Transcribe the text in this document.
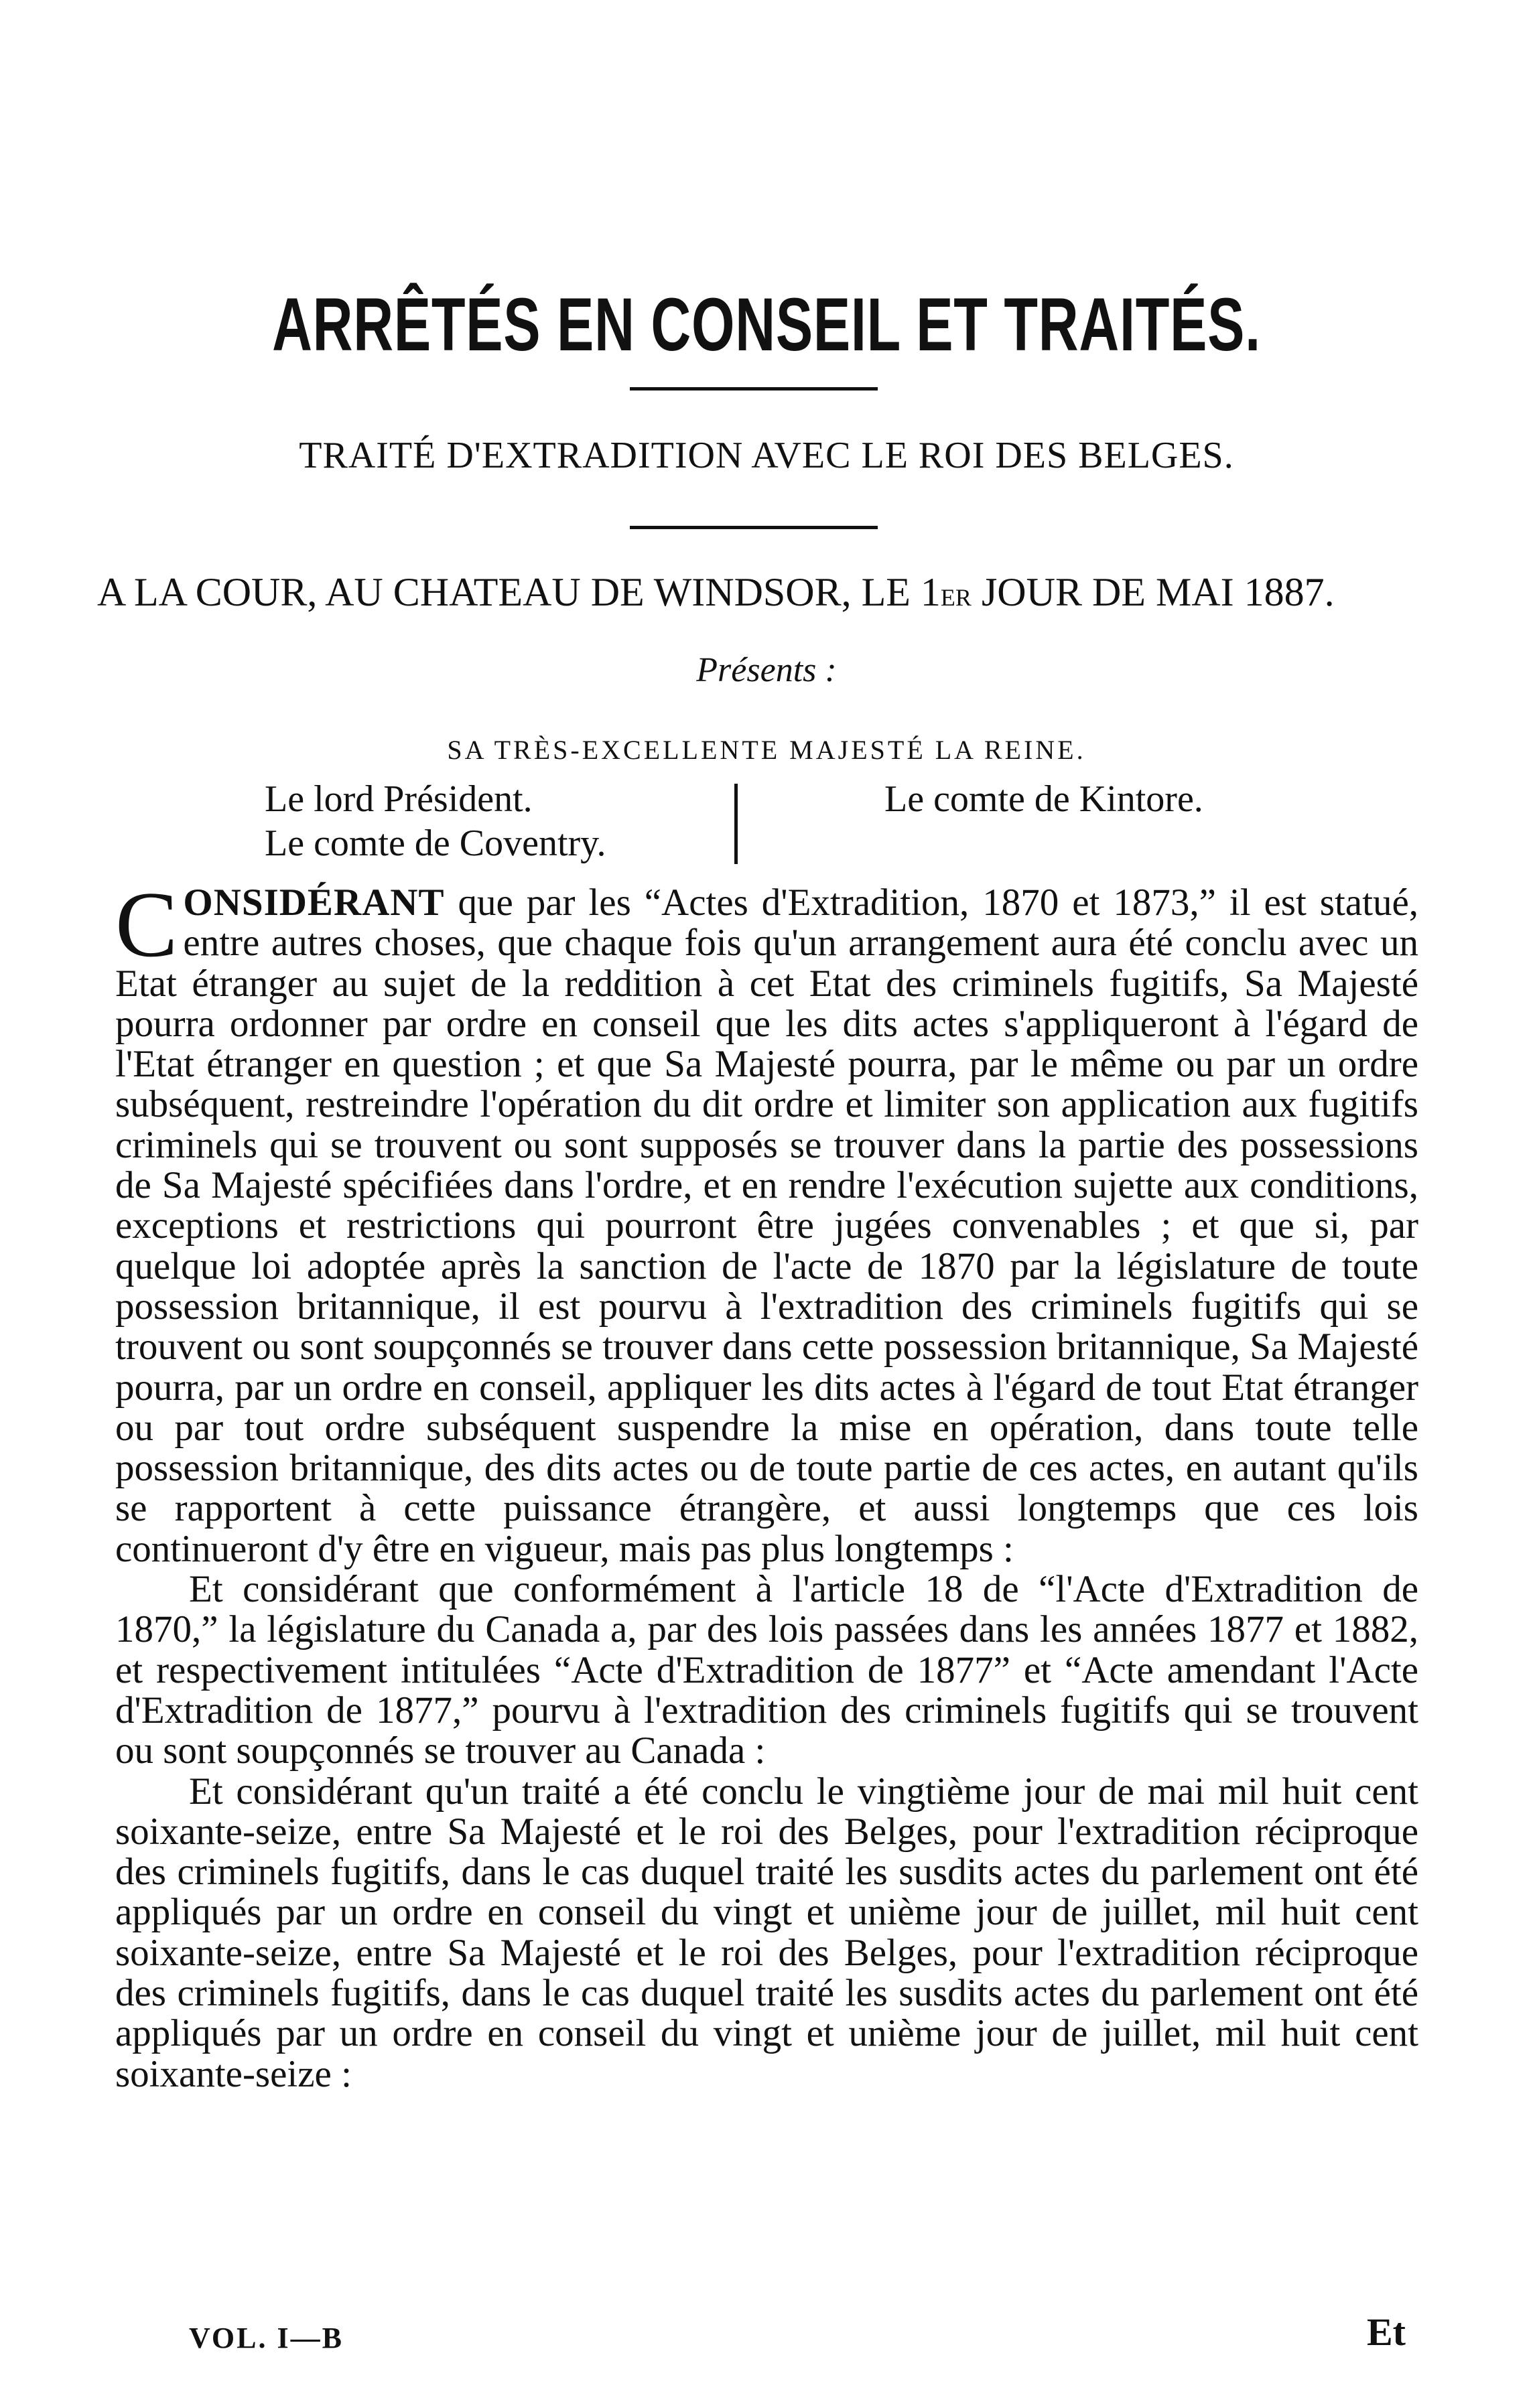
ARRÊTÉS EN CONSEIL ET TRAITÉS.
TRAITÉ D'EXTRADITION AVEC LE ROI DES BELGES.
A LA COUR, AU CHATEAU DE WINDSOR, LE 1ER JOUR DE MAI 1887.
Présents :
SA TRÈS-EXCELLENTE MAJESTÉ LA REINE.
Le lord Président.
Le comte de Coventry.
Le comte de Kintore.

CONSIDÉRANT que par les “Actes d'Extradition, 1870 et 1873,” il est statué, entre autres choses, que chaque fois qu'un arrangement aura été conclu avec un Etat étranger au sujet de la reddition à cet Etat des criminels fugitifs, Sa Majesté pourra ordonner par ordre en conseil que les dits actes s'appliqueront à l'égard de l'Etat étranger en question ; et que Sa Majesté pourra, par le même ou par un ordre subséquent, restreindre l'opération du dit ordre et limiter son application aux fugitifs criminels qui se trouvent ou sont supposés se trouver dans la partie des possessions de Sa Majesté spécifiées dans l'ordre, et en rendre l'exécution sujette aux conditions, exceptions et restrictions qui pourront être jugées convenables ; et que si, par quelque loi adoptée après la sanction de l'acte de 1870 par la législature de toute possession britannique, il est pourvu à l'extradition des criminels fugitifs qui se trouvent ou sont soupçonnés se trouver dans cette possession britannique, Sa Majesté pourra, par un ordre en conseil, appliquer les dits actes à l'égard de tout Etat étranger ou par tout ordre subséquent suspendre la mise en opération, dans toute telle possession britannique, des dits actes ou de toute partie de ces actes, en autant qu'ils se rapportent à cette puissance étrangère, et aussi longtemps que ces lois continueront d'y être en vigueur, mais pas plus longtemps :

Et considérant que conformément à l'article 18 de “l'Acte d'Extradition de 1870,” la législature du Canada a, par des lois passées dans les années 1877 et 1882, et respectivement intitulées “Acte d'Extradition de 1877” et “Acte amendant l'Acte d'Extradition de 1877,” pourvu à l'extradition des criminels fugitifs qui se trouvent ou sont soupçonnés se trouver au Canada :

Et considérant qu'un traité a été conclu le vingtième jour de mai mil huit cent soixante-seize, entre Sa Majesté et le roi des Belges, pour l'extradition réciproque des criminels fugitifs, dans le cas duquel traité les susdits actes du parlement ont été appliqués par un ordre en conseil du vingt et unième jour de juillet, mil huit cent soixante-seize, entre Sa Majesté et le roi des Belges, pour l'extradition réciproque des criminels fugitifs, dans le cas duquel traité les susdits actes du parlement ont été appliqués par un ordre en conseil du vingt et unième jour de juillet, mil huit cent soixante-seize :

VOL. I—B	Et
